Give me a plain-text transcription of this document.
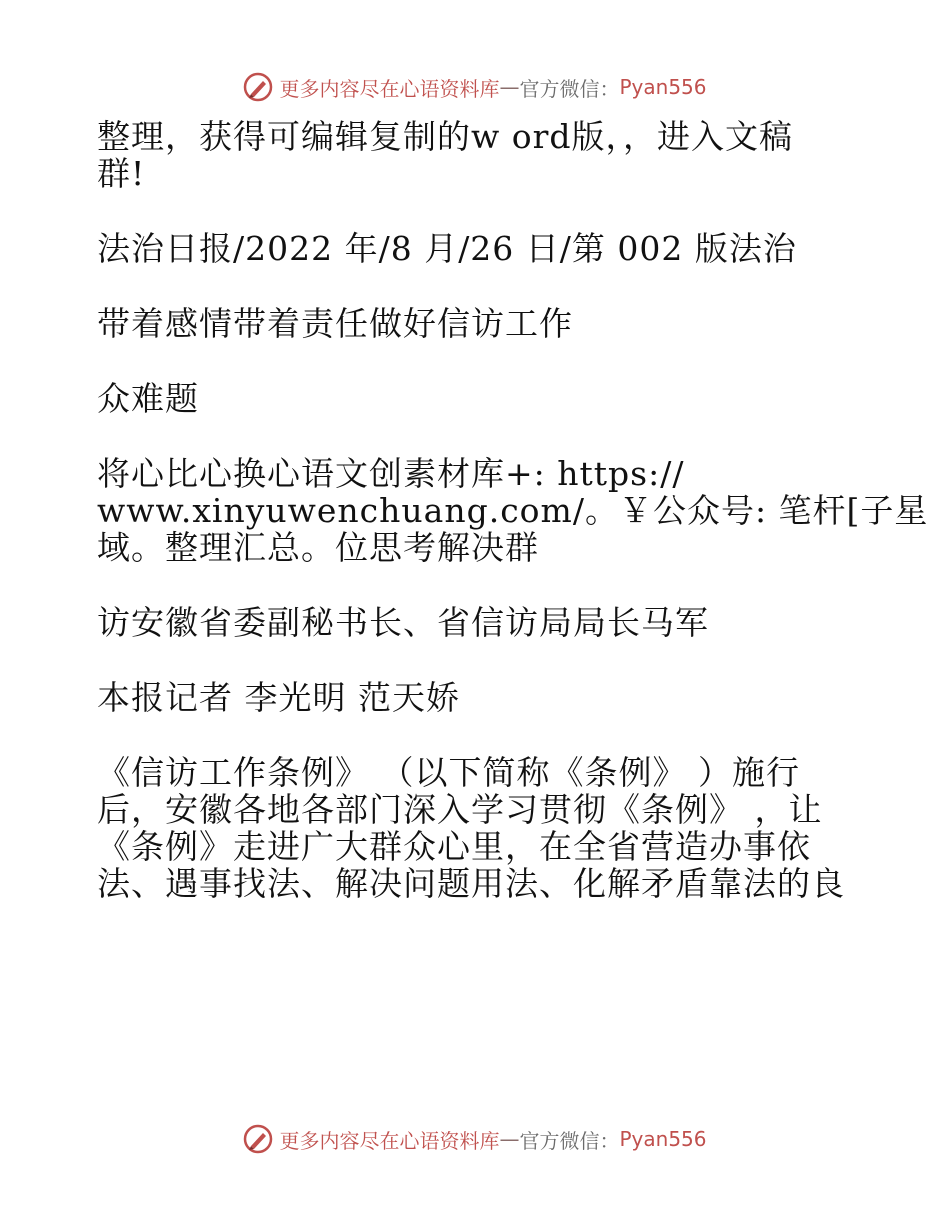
更多内容尽在心语资料库 — 官方微信： Pyan556
整理，获得可编辑复制的w ord版，，进入文稿
群!
法治日报/2022 年/8 月/26 日/第 002 版法治
带着感情带着责任做好信访工作
众难题
将心比心换心语文创素材库+: https://
www.xinyuwenchuang.com/。￥公众号: 笔杆[子星
域。整理汇总。位思考解决群
访安徽省委副秘书长、省信访局局长马军
本报记者 李光明 范天娇
《信访工作条例》 （以下简称《条例》 ）施行
后，安徽各地各部门深入学习贯彻《条例》 ，让
《条例》走进广大群众心里，在全省营造办事依
法、遇事找法、解决问题用法、化解矛盾靠法的良
更多内容尽在心语资料库 — 官方微信： Pyan556
